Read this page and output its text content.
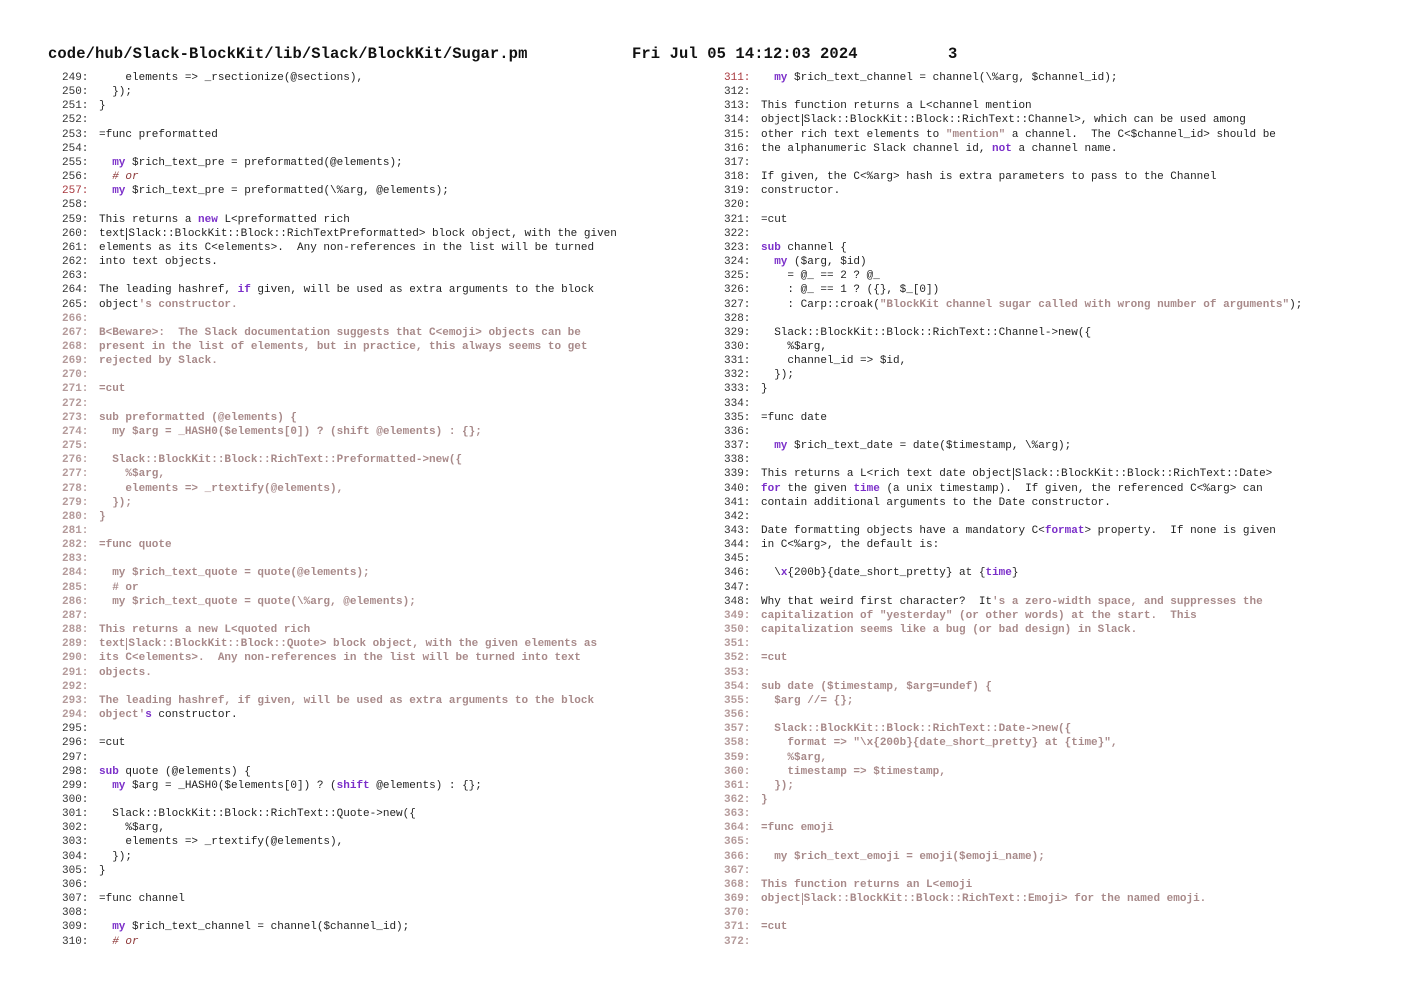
code/hub/Slack-BlockKit/lib/Slack/BlockKit/Sugar.pm

	Fri Jul 05 14:12:03 2024

	3

249:    elements => _rsectionize(@sections),
250:  });
251: }
252:
253: =func preformatted
254:
255: my $rich_text_pre = preformatted(@elements);
256: # or
257: my $rich_text_pre = preformatted(\%arg, @elements);
258:
259: This returns a new L<preformatted rich
260: text Slack::BlockKit::Block::RichTextPreformatted> block object, with the given
261: elements as its C<elements>.  Any non-references in the list will be turned
262: into text objects.
263:
264: The leading hashref, if given, will be used as extra arguments to the block
265: object's constructor.
266:
267: B<Beware>:  The Slack documentation suggests that C<emoji> objects can be
268: present in the list of elements, but in practice, this always seems to get
269: rejected by Slack.
270:
271: =cut
272:
273: sub preformatted (@elements) {
274:  my $arg = _HASH0($elements[0]) ? (shift @elements) : {};
275:
276:  Slack::BlockKit::Block::RichText::Preformatted->new({
277:    %$arg,
278:    elements => _rtextify(@elements),
279:  });
280: }
281:
282: =func quote
283:
284:  my $rich_text_quote = quote(@elements);
285:  # or
286:  my $rich_text_quote = quote(\%arg, @elements);
287:
288: This returns a new L<quoted rich
289: text Slack::BlockKit::Block::Quote> block object, with the given elements as
290: its C<elements>.  Any non-references in the list will be turned into text
291: objects.
292:
293: The leading hashref, if given, will be used as extra arguments to the block
294: object's constructor.
295:
296: =cut
297:
298: sub quote (@elements) {
299: my $arg = _HASH0($elements[0]) ? (shift @elements) : {};
300:
301:  Slack::BlockKit::Block::RichText::Quote->new({
302:    %$arg,
303:    elements => _rtextify(@elements),
304:  });
305: }
306:
307: =func channel
308:
309: my $rich_text_channel = channel($channel_id);
310: # or
311: my $rich_text_channel = channel(\%arg, $channel_id);
312:
313: This function returns a L<channel mention
314: object Slack::BlockKit::Block::RichText::Channel>, which can be used among
315: other rich text elements to "mention" a channel.  The C<$channel_id> should be
316: the alphanumeric Slack channel id, not a channel name.
317:
318: If given, the C<%arg> hash is extra parameters to pass to the Channel
319: constructor.
320:
321: =cut
322:
323: sub channel {
324: my ($arg, $id)
325:    = @_ == 2 ? @_
326:    : @_ == 1 ? ({}, $_[0])
327:    : Carp::croak("BlockKit channel sugar called with wrong number of arguments");
328:
329:  Slack::BlockKit::Block::RichText::Channel->new({
330:    %$arg,
331:    channel_id => $id,
332:  });
333: }
334:
335: =func date
336:
337: my $rich_text_date = date($timestamp, \%arg);
338:
339: This returns a L<rich text date object Slack::BlockKit::Block::RichText::Date>
340: for the given time (a unix timestamp).  If given, the referenced C<%arg> can
341: contain additional arguments to the Date constructor.
342:
343: Date formatting objects have a mandatory C<format> property.  If none is given
344: in C<%arg>, the default is:
345:
346:  \x{200b}{date_short_pretty} at {time}
347:
348: Why that weird first character?  It's a zero-width space, and suppresses the
349: capitalization of "yesterday" (or other words) at the start.  This
350: capitalization seems like a bug (or bad design) in Slack.
351:
352: =cut
353:
354: sub date ($timestamp, $arg=undef) {
355:  $arg //= {};
356:
357:  Slack::BlockKit::Block::RichText::Date->new({
358:    format => "\x{200b}{date_short_pretty} at {time}",
359:    %$arg,
360:    timestamp => $timestamp,
361:  });
362: }
363:
364: =func emoji
365:
366:  my $rich_text_emoji = emoji($emoji_name);
367:
368: This function returns an L<emoji
369: object Slack::BlockKit::Block::RichText::Emoji> for the named emoji.
370:
371: =cut
372:
